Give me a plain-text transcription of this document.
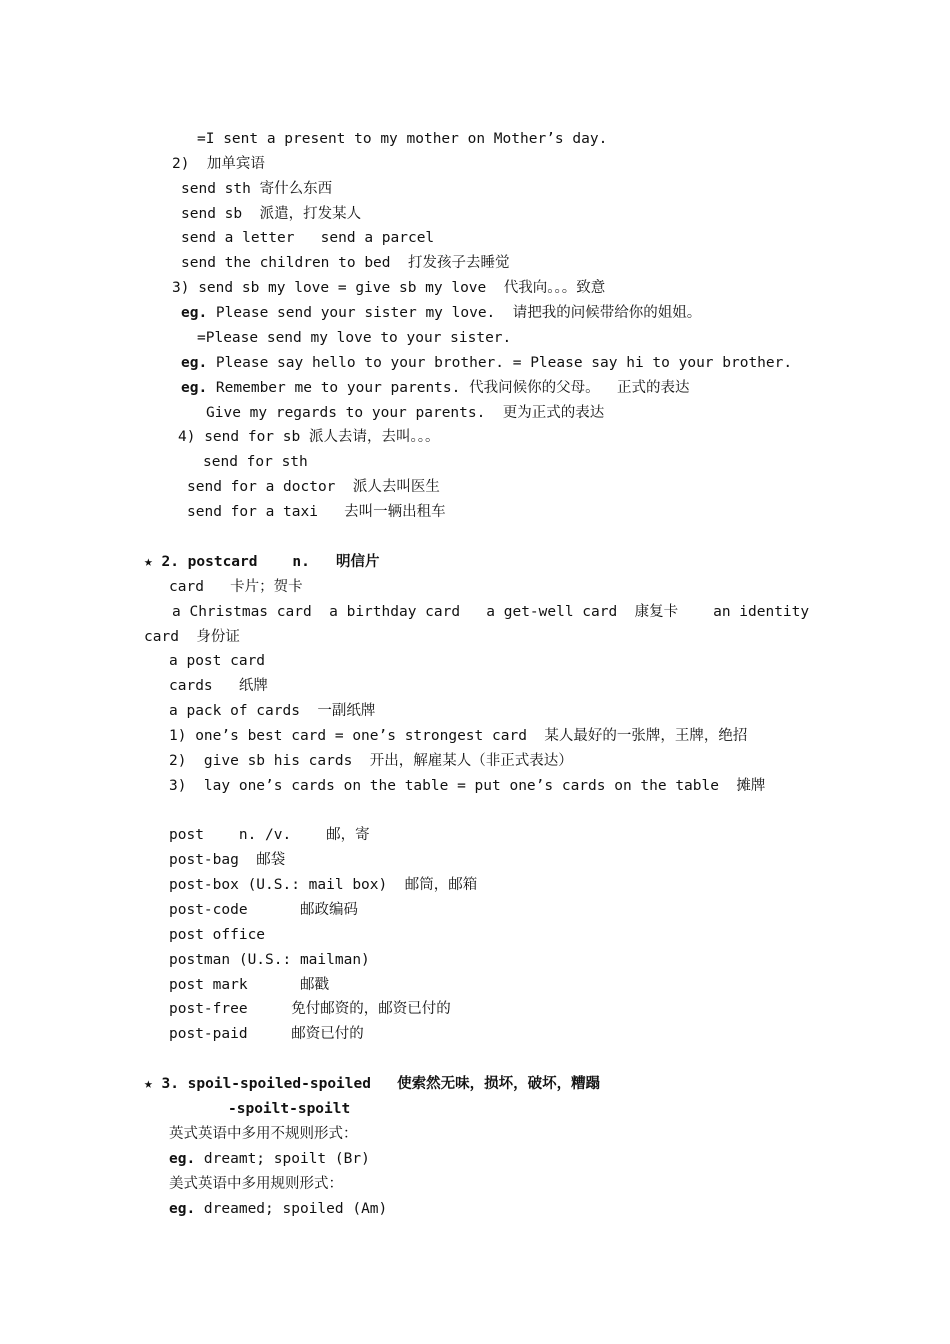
=I sent a present to my mother on Mother’s day.
2)  加单宾语
send sth 寄什么东西
send sb  派遣，打发某人
send a letter   send a parcel
send the children to bed  打发孩子去睡觉
3) send sb my love = give sb my love  代我向。。。致意
eg. Please send your sister my love.  请把我的问候带给你的姐姐。
=Please send my love to your sister.
eg. Please say hello to your brother. = Please say hi to your brother.
eg. Remember me to your parents. 代我问候你的父母。  正式的表达
Give my regards to your parents.  更为正式的表达
4) send for sb 派人去请，去叫。。。
send for sth
send for a doctor  派人去叫医生
send for a taxi   去叫一辆出租车
★ 2. postcard    n.   明信片
card   卡片；贺卡
a Christmas card  a birthday card   a get-well card  康复卡    an identity
card  身份证
a post card
cards   纸牌
a pack of cards  一副纸牌
1) one’s best card = one’s strongest card  某人最好的一张牌，王牌，绝招
2)  give sb his cards  开出，解雇某人（非正式表达）
3)  lay one’s cards on the table = put one’s cards on the table  摊牌
post    n. /v.    邮，寄
post-bag  邮袋
post-box (U.S.: mail box)  邮筒，邮箱
post-code      邮政编码
post office
postman (U.S.: mailman)
post mark      邮戳
post-free     免付邮资的，邮资已付的
post-paid     邮资已付的
★ 3. spoil-spoiled-spoiled   使索然无味，损坏，破坏，糟蹋
-spoilt-spoilt
英式英语中多用不规则形式：
eg. dreamt; spoilt (Br)
美式英语中多用规则形式：
eg. dreamed; spoiled (Am)
